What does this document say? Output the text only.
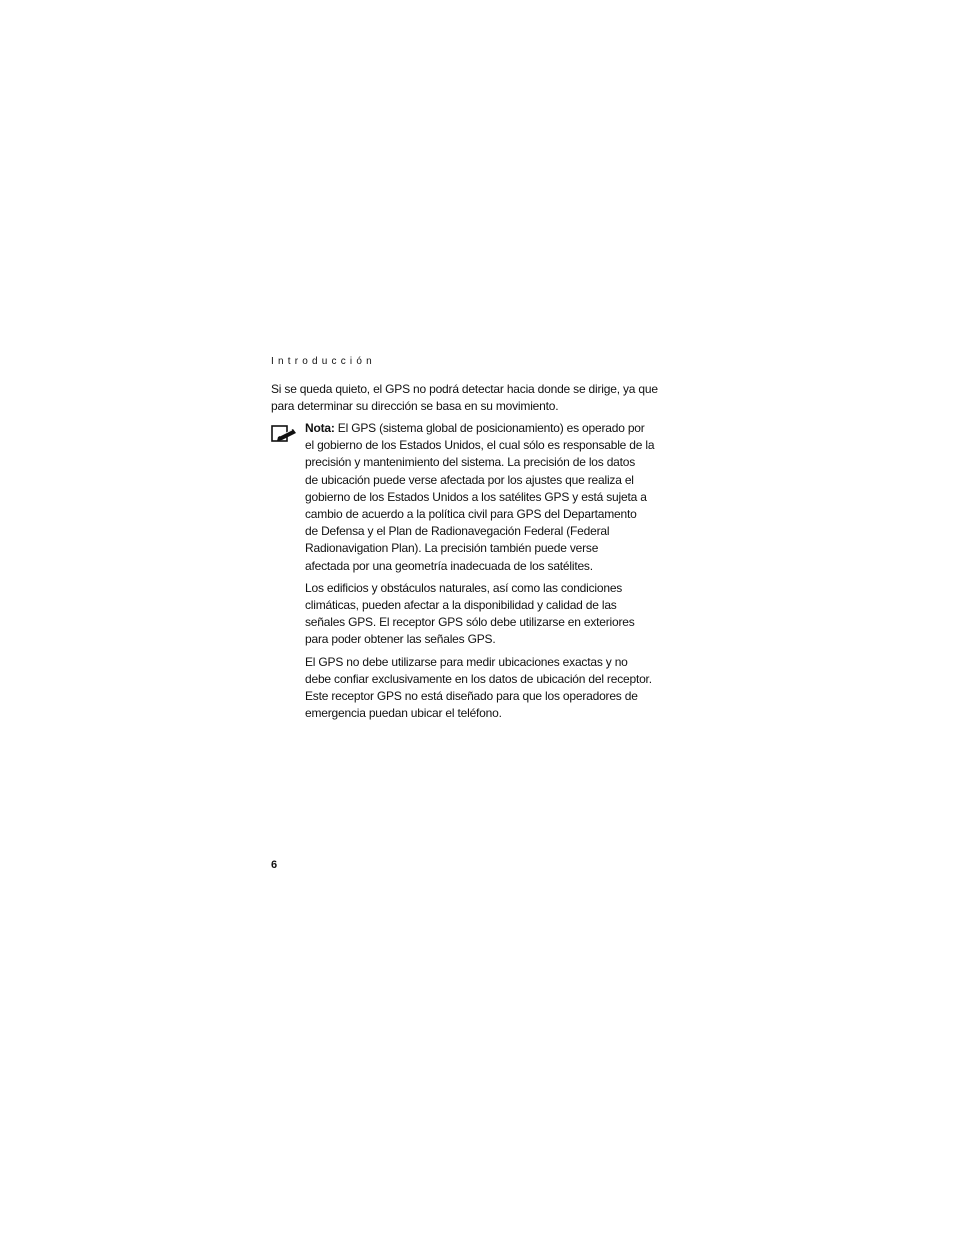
Introducción
Si se queda quieto, el GPS no podrá detectar hacia donde se dirige, ya que
para determinar su dirección se basa en su movimiento.
Nota: El GPS (sistema global de posicionamiento) es operado por
el gobierno de los Estados Unidos, el cual sólo es responsable de la
precisión y mantenimiento del sistema. La precisión de los datos
de ubicación puede verse afectada por los ajustes que realiza el
gobierno de los Estados Unidos a los satélites GPS y está sujeta a
cambio de acuerdo a la política civil para GPS del Departamento
de Defensa y el Plan de Radionavegación Federal (Federal
Radionavigation Plan). La precisión también puede verse
afectada por una geometría inadecuada de los satélites.
Los edificios y obstáculos naturales, así como las condiciones
climáticas, pueden afectar a la disponibilidad y calidad de las
señales GPS. El receptor GPS sólo debe utilizarse en exteriores
para poder obtener las señales GPS.
El GPS no debe utilizarse para medir ubicaciones exactas y no
debe confiar exclusivamente en los datos de ubicación del receptor.
Este receptor GPS no está diseñado para que los operadores de
emergencia puedan ubicar el teléfono.
6
